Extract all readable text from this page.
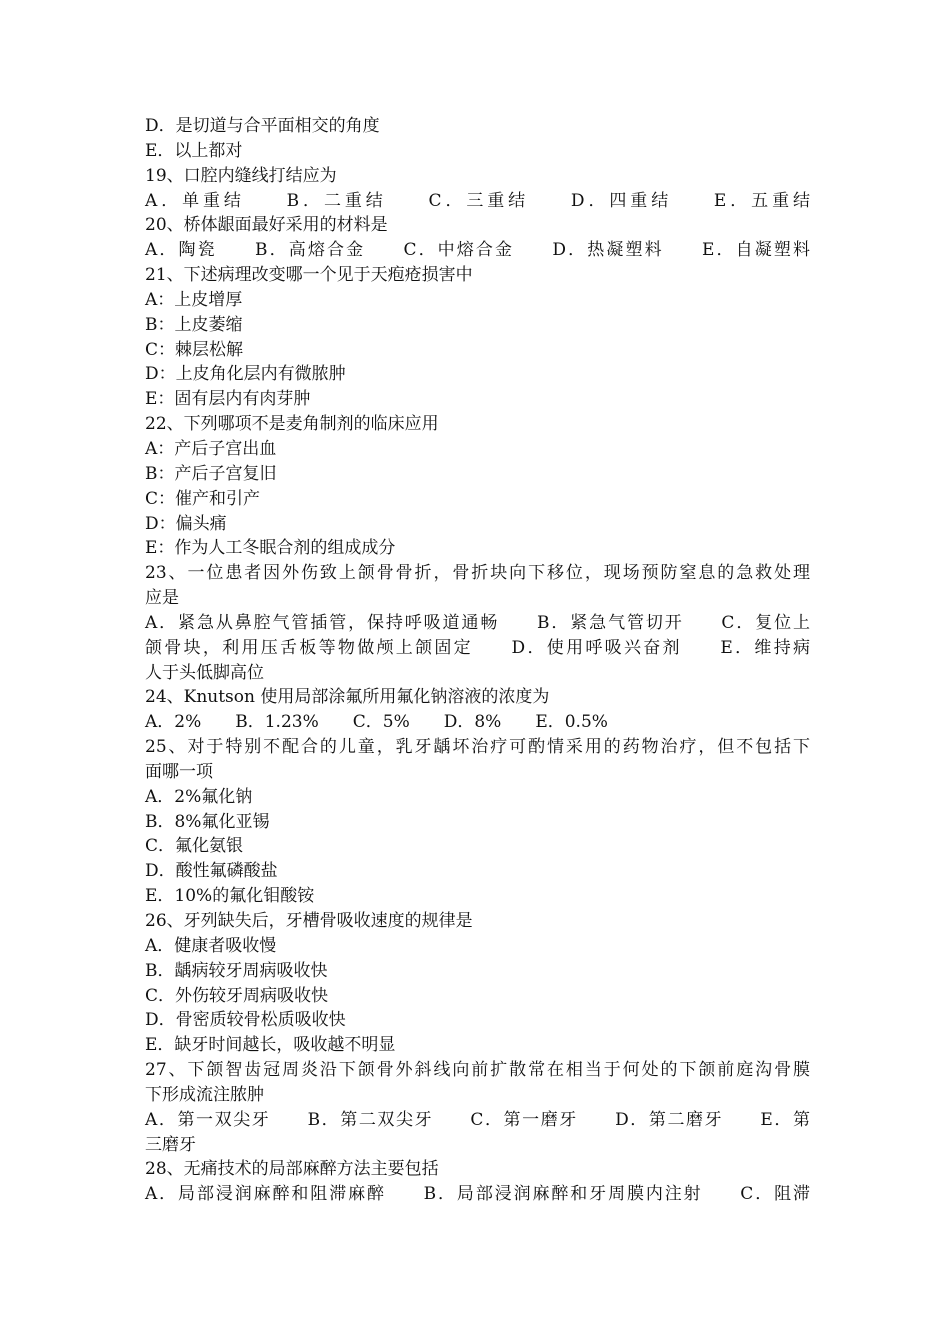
D．是切道与合平面相交的角度
E．以上都对
19、口腔内缝线打结应为
A．单重结　　B．二重结　　C．三重结　　D．四重结　　E．五重结
20、桥体龈面最好采用的材料是
A．陶瓷　　B．高熔合金　　C．中熔合金　　D．热凝塑料　　E．自凝塑料
21、下述病理改变哪一个见于天疱疮损害中
A：上皮增厚
B：上皮萎缩
C：棘层松解
D：上皮角化层内有微脓肿
E：固有层内有肉芽肿
22、下列哪项不是麦角制剂的临床应用
A：产后子宫出血
B：产后子宫复旧
C：催产和引产
D：偏头痛
E：作为人工冬眠合剂的组成成分
23、一位患者因外伤致上颌骨骨折，骨折块向下移位，现场预防窒息的急救处理
应是
A．紧急从鼻腔气管插管，保持呼吸道通畅　　B．紧急气管切开　　C．复位上
颌骨块，利用压舌板等物做颅上颌固定　　D．使用呼吸兴奋剂　　E．维持病
人于头低脚高位
24、Knutson 使用局部涂氟所用氟化钠溶液的浓度为
A．2%　　B．1.23%　　C．5%　　D．8%　　E．0.5%
25、对于特别不配合的儿童，乳牙龋坏治疗可酌情采用的药物治疗，但不包括下
面哪一项
A．2%氟化钠
B．8%氟化亚锡
C．氟化氨银
D．酸性氟磷酸盐
E．10%的氟化钼酸铵
26、牙列缺失后，牙槽骨吸收速度的规律是
A．健康者吸收慢
B．龋病较牙周病吸收快
C．外伤较牙周病吸收快
D．骨密质较骨松质吸收快
E．缺牙时间越长，吸收越不明显
27、下颌智齿冠周炎沿下颌骨外斜线向前扩散常在相当于何处的下颌前庭沟骨膜
下形成流注脓肿
A．第一双尖牙　　B．第二双尖牙　　C．第一磨牙　　D．第二磨牙　　E．第
三磨牙
28、无痛技术的局部麻醉方法主要包括
A．局部浸润麻醉和阻滞麻醉　　B．局部浸润麻醉和牙周膜内注射　　C．阻滞
